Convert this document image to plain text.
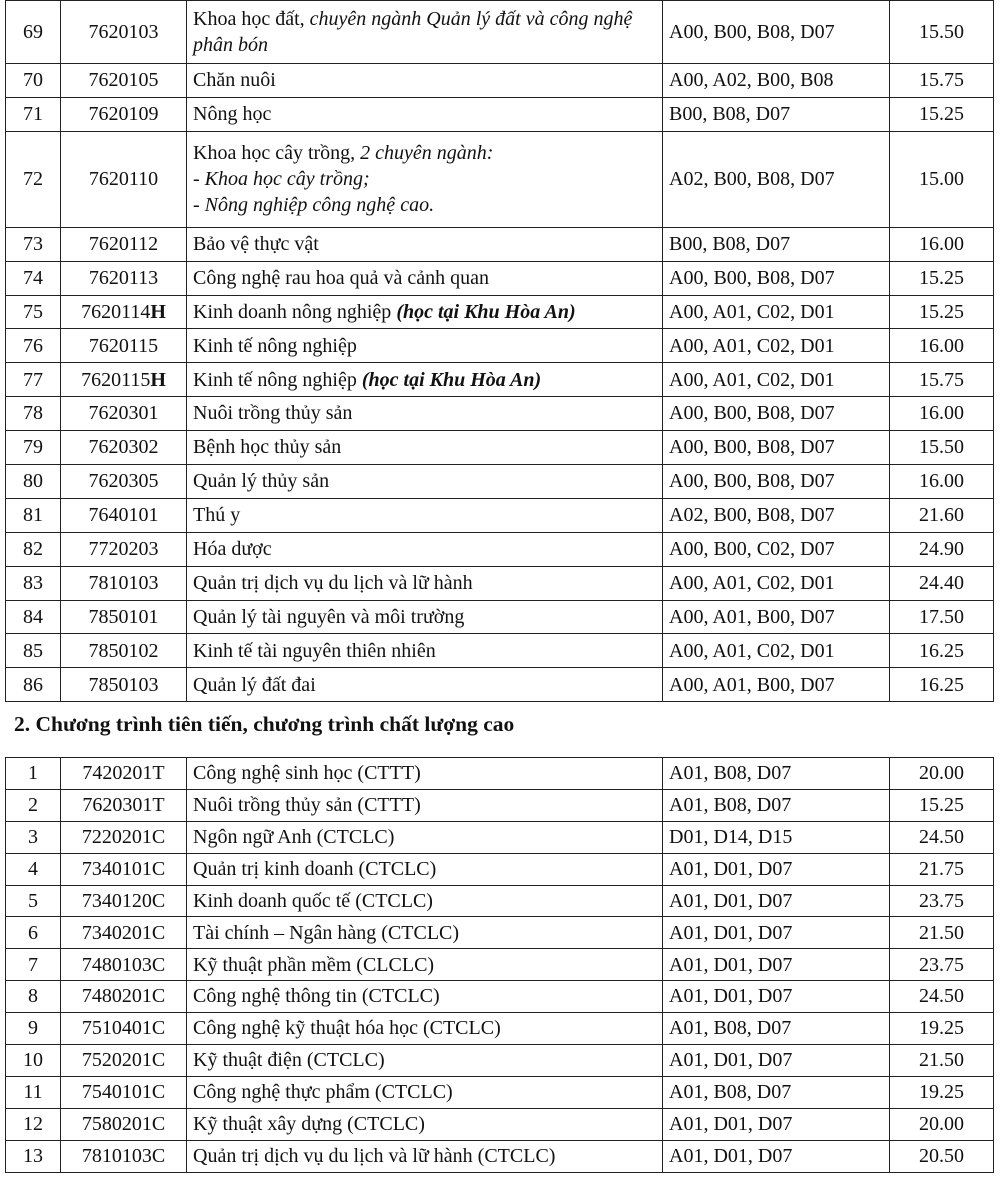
69	7620103	Khoa học đất, chuyên ngành Quản lý đất và công nghệ phân bón	A00, B00, B08, D07	15.50
70	7620105	Chăn nuôi	A00, A02, B00, B08	15.75
71	7620109	Nông học	B00, B08, D07	15.25
72	7620110	Khoa học cây trồng, 2 chuyên ngành:
- Khoa học cây trồng;
- Nông nghiệp công nghệ cao.	A02, B00, B08, D07	15.00
73	7620112	Bảo vệ thực vật	B00, B08, D07	16.00
74	7620113	Công nghệ rau hoa quả và cảnh quan	A00, B00, B08, D07	15.25
75	7620114H	Kinh doanh nông nghiệp (học tại Khu Hòa An)	A00, A01, C02, D01	15.25
76	7620115	Kinh tế nông nghiệp	A00, A01, C02, D01	16.00
77	7620115H	Kinh tế nông nghiệp (học tại Khu Hòa An)	A00, A01, C02, D01	15.75
78	7620301	Nuôi trồng thủy sản	A00, B00, B08, D07	16.00
79	7620302	Bệnh học thủy sản	A00, B00, B08, D07	15.50
80	7620305	Quản lý thủy sản	A00, B00, B08, D07	16.00
81	7640101	Thú y	A02, B00, B08, D07	21.60
82	7720203	Hóa dược	A00, B00, C02, D07	24.90
83	7810103	Quản trị dịch vụ du lịch và lữ hành	A00, A01, C02, D01	24.40
84	7850101	Quản lý tài nguyên và môi trường	A00, A01, B00, D07	17.50
85	7850102	Kinh tế tài nguyên thiên nhiên	A00, A01, C02, D01	16.25
86	7850103	Quản lý đất đai	A00, A01, B00, D07	16.25
2. Chương trình tiên tiến, chương trình chất lượng cao
1	7420201T	Công nghệ sinh học (CTTT)	A01, B08, D07	20.00
2	7620301T	Nuôi trồng thủy sản (CTTT)	A01, B08, D07	15.25
3	7220201C	Ngôn ngữ Anh (CTCLC)	D01, D14, D15	24.50
4	7340101C	Quản trị kinh doanh (CTCLC)	A01, D01, D07	21.75
5	7340120C	Kinh doanh quốc tế (CTCLC)	A01, D01, D07	23.75
6	7340201C	Tài chính – Ngân hàng (CTCLC)	A01, D01, D07	21.50
7	7480103C	Kỹ thuật phần mềm (CLCLC)	A01, D01, D07	23.75
8	7480201C	Công nghệ thông tin (CTCLC)	A01, D01, D07	24.50
9	7510401C	Công nghệ kỹ thuật hóa học (CTCLC)	A01, B08, D07	19.25
10	7520201C	Kỹ thuật điện (CTCLC)	A01, D01, D07	21.50
11	7540101C	Công nghệ thực phẩm (CTCLC)	A01, B08, D07	19.25
12	7580201C	Kỹ thuật xây dựng (CTCLC)	A01, D01, D07	20.00
13	7810103C	Quản trị dịch vụ du lịch và lữ hành (CTCLC)	A01, D01, D07	20.50
